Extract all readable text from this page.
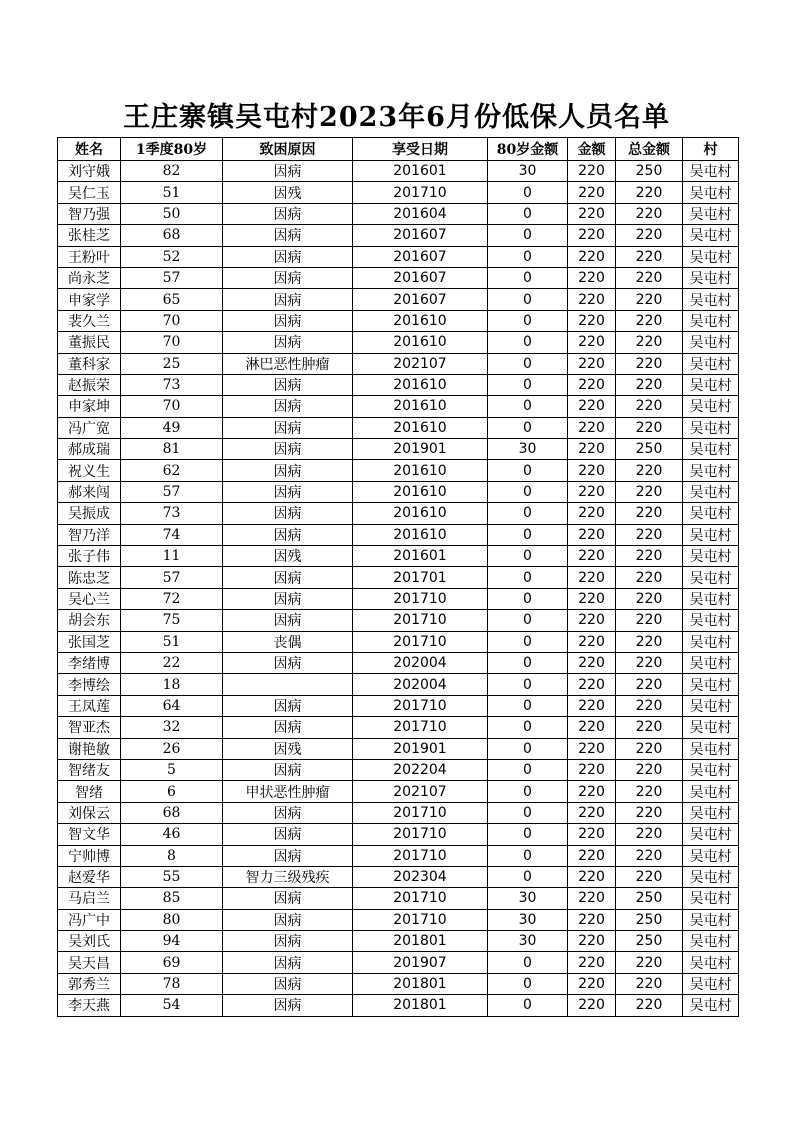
王庄寨镇吴屯村2023年6月份低保人员名单
姓名	1季度80岁	致困原因	享受日期	80岁金额	金额	总金额	村
刘守娥	82	因病	201601	30	220	250	吴屯村
吴仁玉	51	因残	201710	0	220	220	吴屯村
智乃强	50	因病	201604	0	220	220	吴屯村
张桂芝	68	因病	201607	0	220	220	吴屯村
王粉叶	52	因病	201607	0	220	220	吴屯村
尚永芝	57	因病	201607	0	220	220	吴屯村
申家学	65	因病	201607	0	220	220	吴屯村
裴久兰	70	因病	201610	0	220	220	吴屯村
董振民	70	因病	201610	0	220	220	吴屯村
董科家	25	淋巴恶性肿瘤	202107	0	220	220	吴屯村
赵振荣	73	因病	201610	0	220	220	吴屯村
申家坤	70	因病	201610	0	220	220	吴屯村
冯广宽	49	因病	201610	0	220	220	吴屯村
郝成瑞	81	因病	201901	30	220	250	吴屯村
祝义生	62	因病	201610	0	220	220	吴屯村
郝来闯	57	因病	201610	0	220	220	吴屯村
吴振成	73	因病	201610	0	220	220	吴屯村
智乃洋	74	因病	201610	0	220	220	吴屯村
张子伟	11	因残	201601	0	220	220	吴屯村
陈忠芝	57	因病	201701	0	220	220	吴屯村
吴心兰	72	因病	201710	0	220	220	吴屯村
胡会东	75	因病	201710	0	220	220	吴屯村
张国芝	51	丧偶	201710	0	220	220	吴屯村
李绪博	22	因病	202004	0	220	220	吴屯村
李博绘	18		202004	0	220	220	吴屯村
王凤莲	64	因病	201710	0	220	220	吴屯村
智亚杰	32	因病	201710	0	220	220	吴屯村
谢艳敏	26	因残	201901	0	220	220	吴屯村
智绪友	5	因病	202204	0	220	220	吴屯村
智绪	6	甲状恶性肿瘤	202107	0	220	220	吴屯村
刘保云	68	因病	201710	0	220	220	吴屯村
智文华	46	因病	201710	0	220	220	吴屯村
宁帅博	8	因病	201710	0	220	220	吴屯村
赵爱华	55	智力三级残疾	202304	0	220	220	吴屯村
马启兰	85	因病	201710	30	220	250	吴屯村
冯广中	80	因病	201710	30	220	250	吴屯村
吴刘氏	94	因病	201801	30	220	250	吴屯村
吴天昌	69	因病	201907	0	220	220	吴屯村
郭秀兰	78	因病	201801	0	220	220	吴屯村
李天燕	54	因病	201801	0	220	220	吴屯村
